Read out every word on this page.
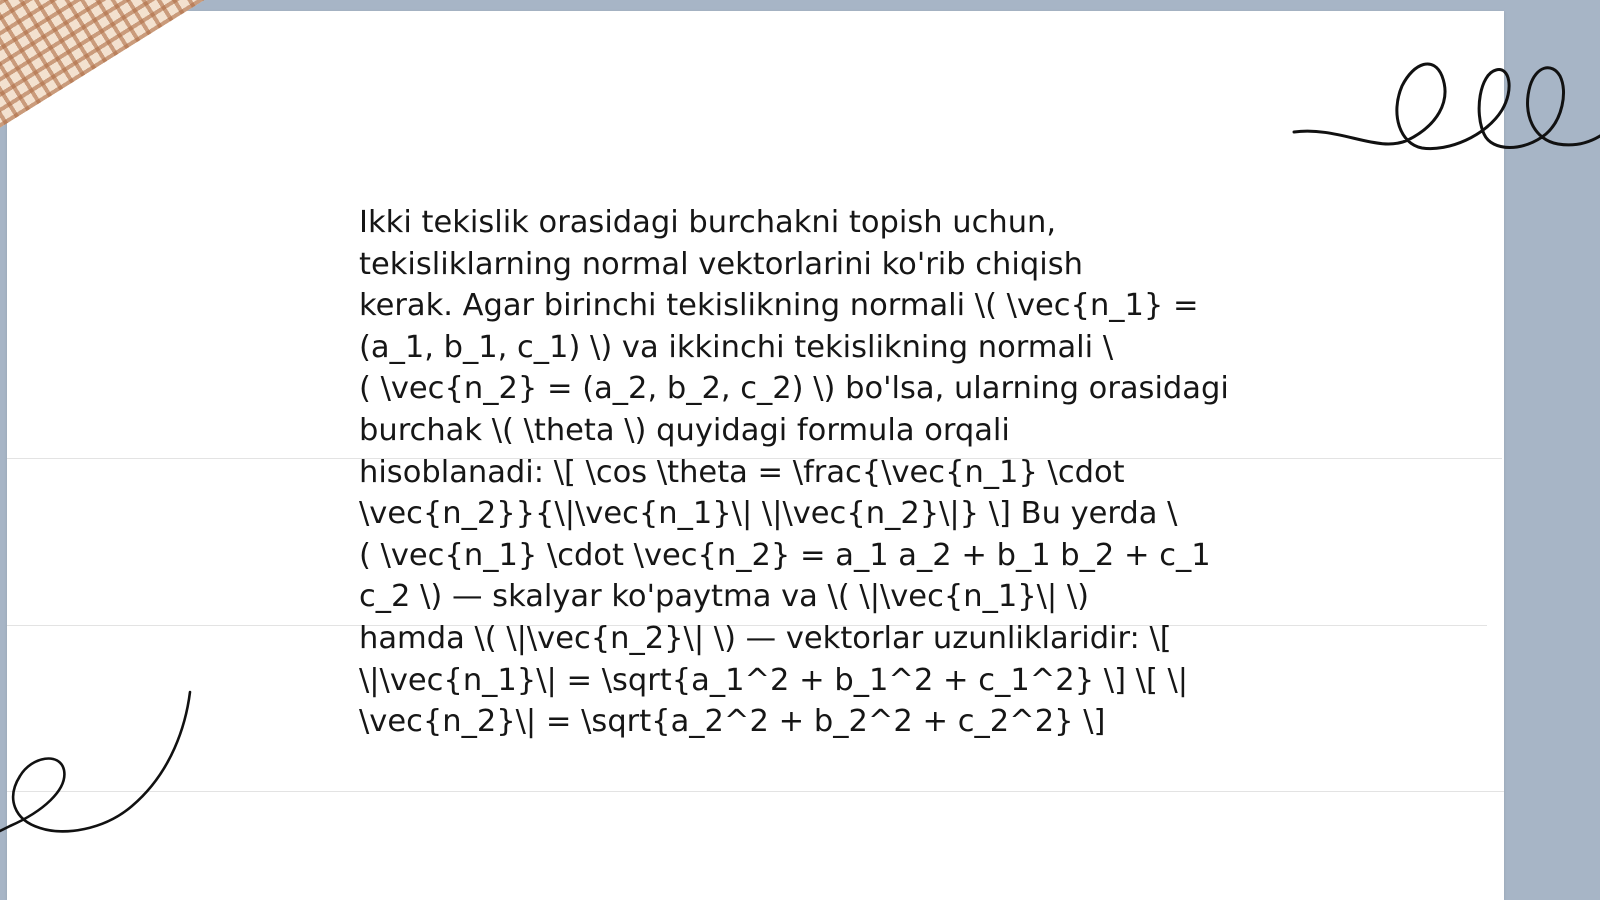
Ikki tekislik orasidagi burchakni topish uchun,
tekisliklarning normal vektorlarini ko'rib chiqish
kerak. Agar birinchi tekislikning normali \( \vec{n_1} =
(a_1, b_1, c_1) \) va ikkinchi tekislikning normali \
( \vec{n_2} = (a_2, b_2, c_2) \) bo'lsa, ularning orasidagi
burchak \( \theta \) quyidagi formula orqali
hisoblanadi: \[ \cos \theta = \frac{\vec{n_1} \cdot
\vec{n_2}}{\|\vec{n_1}\| \|\vec{n_2}\|} \] Bu yerda \
( \vec{n_1} \cdot \vec{n_2} = a_1 a_2 + b_1 b_2 + c_1
c_2 \) — skalyar ko'paytma va \( \|\vec{n_1}\| \)
hamda \( \|\vec{n_2}\| \) — vektorlar uzunliklaridir: \[
\|\vec{n_1}\| = \sqrt{a_1^2 + b_1^2 + c_1^2} \] \[ \|
\vec{n_2}\| = \sqrt{a_2^2 + b_2^2 + c_2^2} \]
